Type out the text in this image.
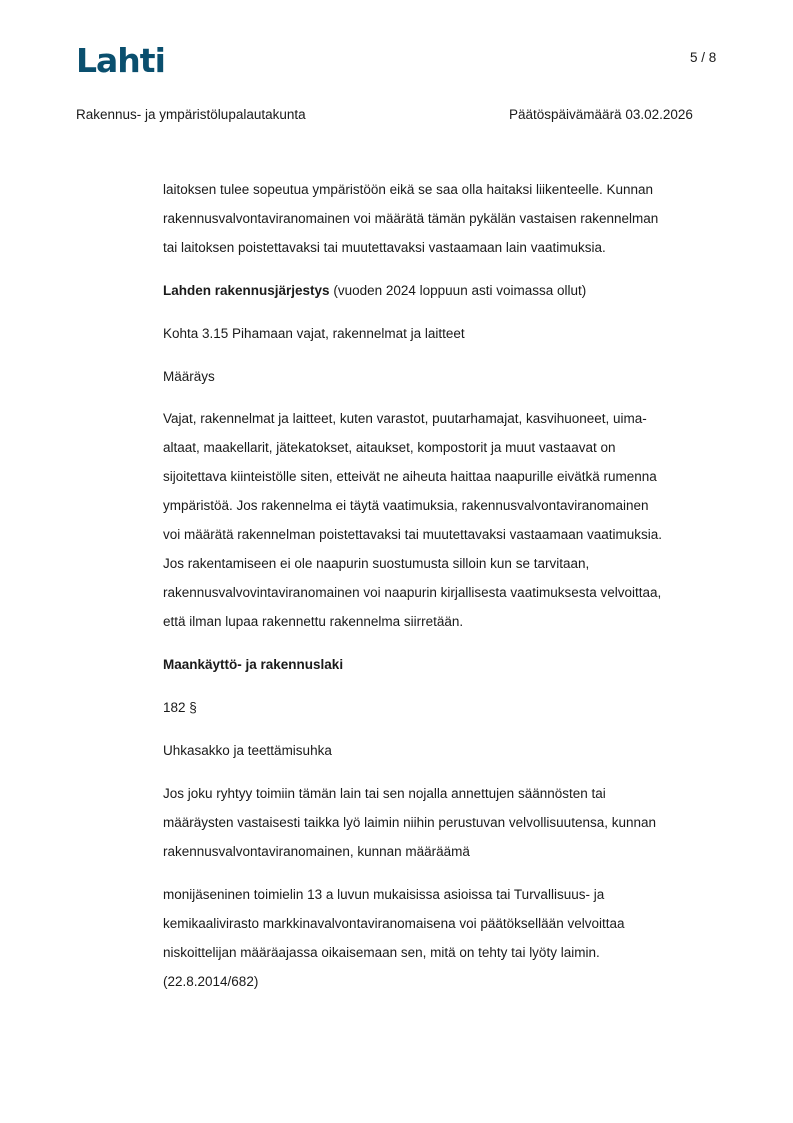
Lahti	5 / 8
Rakennus- ja ympäristölupalautakunta	Päätöspäivämäärä 03.02.2026
laitoksen tulee sopeutua ympäristöön eikä se saa olla haitaksi liikenteelle. Kunnan
rakennusvalvontaviranomainen voi määrätä tämän pykälän vastaisen rakennelman
tai laitoksen poistettavaksi tai muutettavaksi vastaamaan lain vaatimuksia.
Lahden rakennusjärjestys (vuoden 2024 loppuun asti voimassa ollut)
Kohta 3.15 Pihamaan vajat, rakennelmat ja laitteet
Määräys
Vajat, rakennelmat ja laitteet, kuten varastot, puutarhamajat, kasvihuoneet, uima-
altaat, maakellarit, jätekatokset, aitaukset, kompostorit ja muut vastaavat on
sijoitettava kiinteistölle siten, etteivät ne aiheuta haittaa naapurille eivätkä rumenna
ympäristöä. Jos rakennelma ei täytä vaatimuksia, rakennusvalvontaviranomainen
voi määrätä rakennelman poistettavaksi tai muutettavaksi vastaamaan vaatimuksia.
Jos rakentamiseen ei ole naapurin suostumusta silloin kun se tarvitaan,
rakennusvalvovintaviranomainen voi naapurin kirjallisesta vaatimuksesta velvoittaa,
että ilman lupaa rakennettu rakennelma siirretään.
Maankäyttö- ja rakennuslaki
182 §
Uhkasakko ja teettämisuhka
Jos joku ryhtyy toimiin tämän lain tai sen nojalla annettujen säännösten tai
määräysten vastaisesti taikka lyö laimin niihin perustuvan velvollisuutensa, kunnan
rakennusvalvontaviranomainen, kunnan määräämä
monijäseninen toimielin 13 a luvun mukaisissa asioissa tai Turvallisuus- ja
kemikaalivirasto markkinavalvontaviranomaisena voi päätöksellään velvoittaa
niskoittelijan määräajassa oikaisemaan sen, mitä on tehty tai lyöty laimin.
(22.8.2014/682)
